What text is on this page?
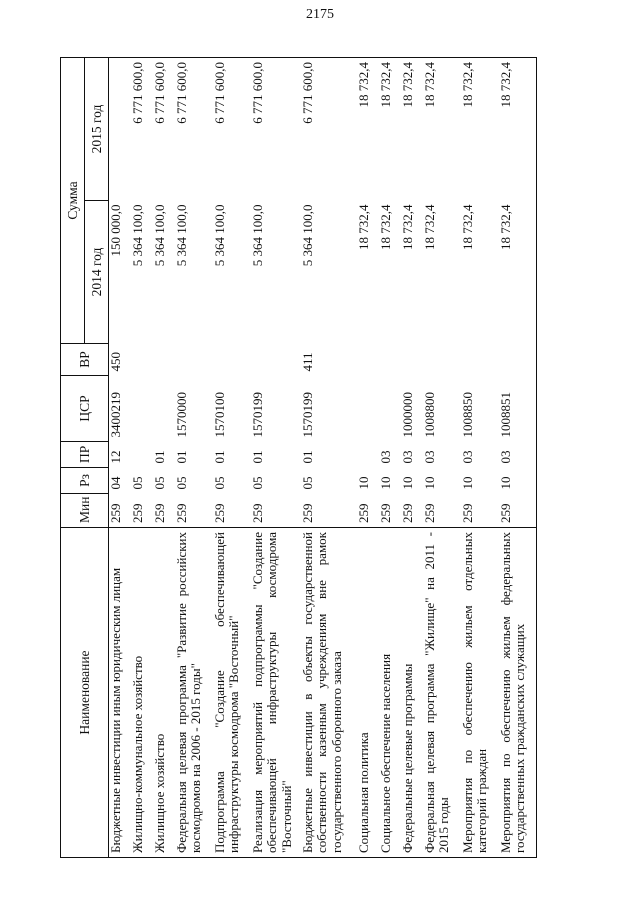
2175
Наименование	Мин	Рз	ПР	ЦСР	ВР	Сумма	
						2014 год	2015 год
Бюджетные инвестиции иным юридическим лицам	259	04	12	3400219	450	150 000,0	
Жилищно-коммунальное хозяйство	259	05				5 364 100,0	6 771 600,0
Жилищное хозяйство	259	05	01			5 364 100,0	6 771 600,0
Федеральная целевая программа "Развитие российских космодромов на 2006 - 2015 годы"	259	05	01	1570000		5 364 100,0	6 771 600,0
Подпрограмма "Создание обеспечивающей инфраструктуры космодрома "Восточный"	259	05	01	1570100		5 364 100,0	6 771 600,0
Реализация мероприятий подпрограммы "Создание обеспечивающей инфраструктуры космодрома "Восточный"	259	05	01	1570199		5 364 100,0	6 771 600,0
Бюджетные инвестиции в объекты государственной собственности казенным учреждениям вне рамок государственного оборонного заказа	259	05	01	1570199	411	5 364 100,0	6 771 600,0
Социальная политика	259	10				18 732,4	18 732,4
Социальное обеспечение населения	259	10	03			18 732,4	18 732,4
Федеральные целевые программы	259	10	03	1000000		18 732,4	18 732,4
Федеральная целевая программа "Жилище" на 2011 - 2015 годы	259	10	03	1008800		18 732,4	18 732,4
Мероприятия по обеспечению жильем отдельных категорий граждан	259	10	03	1008850		18 732,4	18 732,4
Мероприятия по обеспечению жильем федеральных государственных гражданских служащих	259	10	03	1008851		18 732,4	18 732,4
